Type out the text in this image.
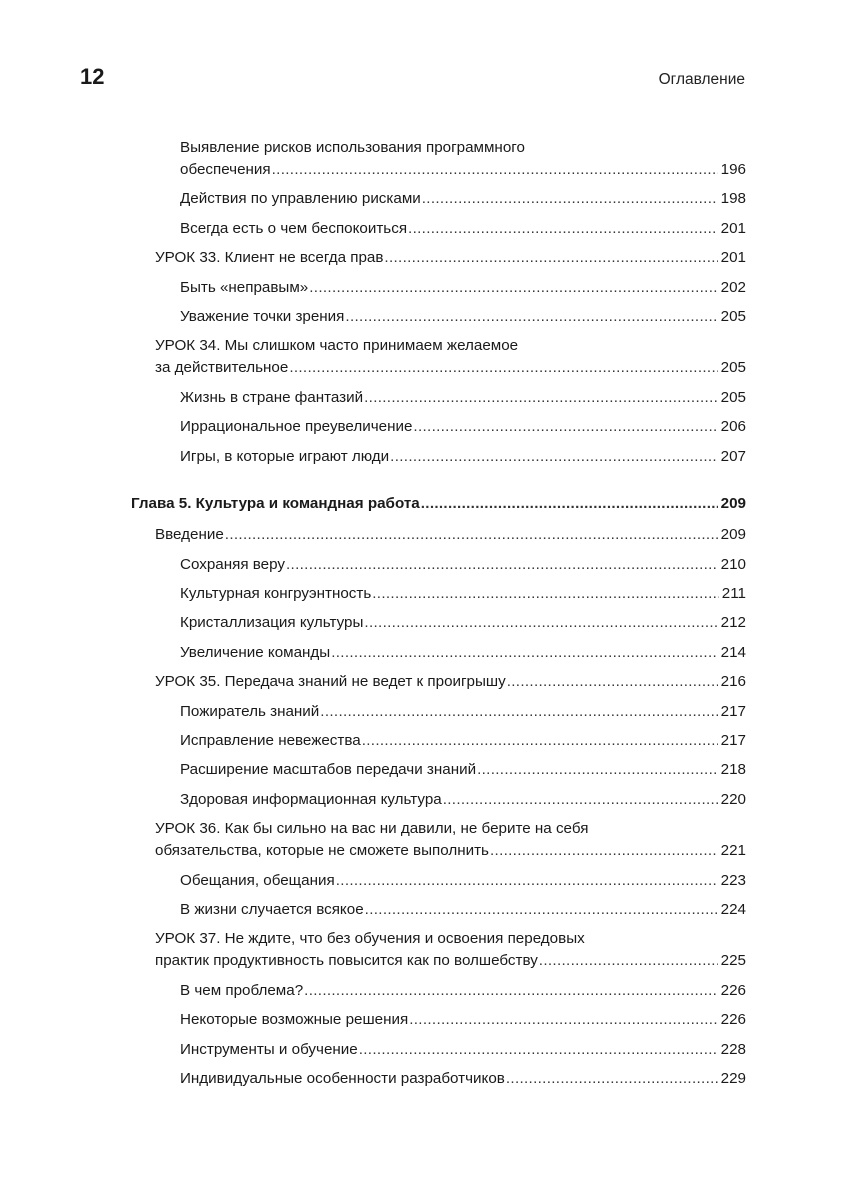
12	Оглавление
Выявление рисков использования программного
обеспечения . . .	196
Действия по управлению рисками . . .	198
Всегда есть о чем беспокоиться . . .	201
УРОК 33. Клиент не всегда прав . . .	201
Быть «неправым» . . .	202
Уважение точки зрения . . .	205
УРОК 34. Мы слишком часто принимаем желаемое
за действительное . . .	205
Жизнь в стране фантазий . . .	205
Иррациональное преувеличение . . .	206
Игры, в которые играют люди . . .	207
Глава 5. Культура и командная работа . . .	209
Введение . . .	209
Сохраняя веру . . .	210
Культурная конгруэнтность . . .	211
Кристаллизация культуры . . .	212
Увеличение команды . . .	214
УРОК 35. Передача знаний не ведет к проигрышу . . .	216
Пожиратель знаний . . .	217
Исправление невежества . . .	217
Расширение масштабов передачи знаний . . .	218
Здоровая информационная культура . . .	220
УРОК 36. Как бы сильно на вас ни давили, не берите на себя
обязательства, которые не сможете выполнить . . .	221
Обещания, обещания . . .	223
В жизни случается всякое . . .	224
УРОК 37. Не ждите, что без обучения и освоения передовых
практик продуктивность повысится как по волшебству . . .	225
В чем проблема? . . .	226
Некоторые возможные решения . . .	226
Инструменты и обучение . . .	228
Индивидуальные особенности разработчиков . . .	229
